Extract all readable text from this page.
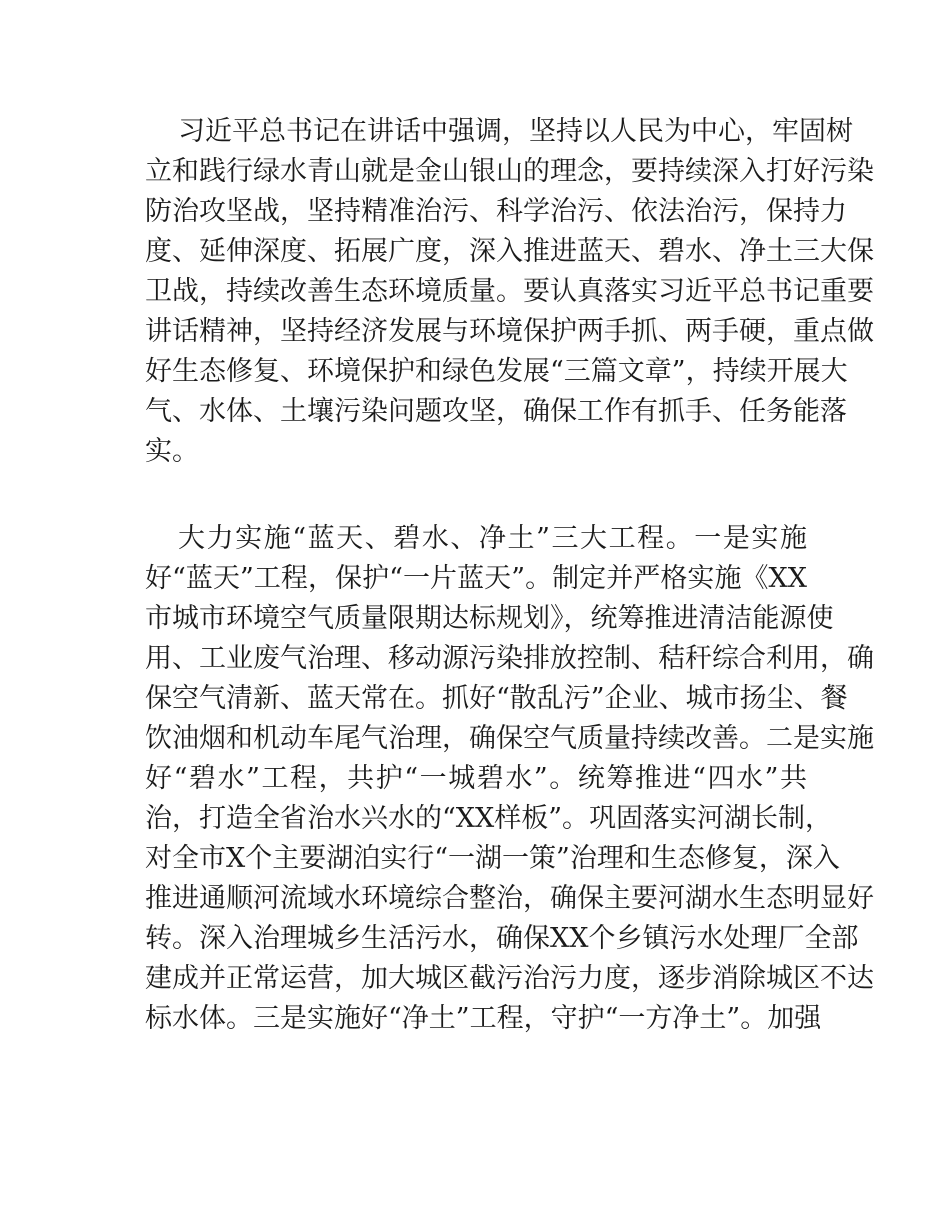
习近平总书记在讲话中强调，坚持以人民为中心，牢固树
立和践行绿水青山就是金山银山的理念，要持续深入打好污染
防治攻坚战，坚持精准治污、科学治污、依法治污，保持力
度、延伸深度、拓展广度，深入推进蓝天、碧水、净土三大保
卫战，持续改善生态环境质量。要认真落实习近平总书记重要
讲话精神，坚持经济发展与环境保护两手抓、两手硬，重点做
好生态修复、环境保护和绿色发展“三篇文章”，持续开展大
气、水体、土壤污染问题攻坚，确保工作有抓手、任务能落
实。
大力实施“蓝天、碧水、净土”三大工程。一是实施
好“蓝天”工程，保护“一片蓝天”。制定并严格实施《XX
市城市环境空气质量限期达标规划》，统筹推进清洁能源使
用、工业废气治理、移动源污染排放控制、秸秆综合利用，确
保空气清新、蓝天常在。抓好“散乱污”企业、城市扬尘、餐
饮油烟和机动车尾气治理，确保空气质量持续改善。二是实施
好“碧水”工程，共护“一城碧水”。统筹推进“四水”共
治，打造全省治水兴水的“XX样板”。巩固落实河湖长制，
对全市X个主要湖泊实行“一湖一策”治理和生态修复，深入
推进通顺河流域水环境综合整治，确保主要河湖水生态明显好
转。深入治理城乡生活污水，确保XX个乡镇污水处理厂全部
建成并正常运营，加大城区截污治污力度，逐步消除城区不达
标水体。三是实施好“净土”工程，守护“一方净土”。加强
